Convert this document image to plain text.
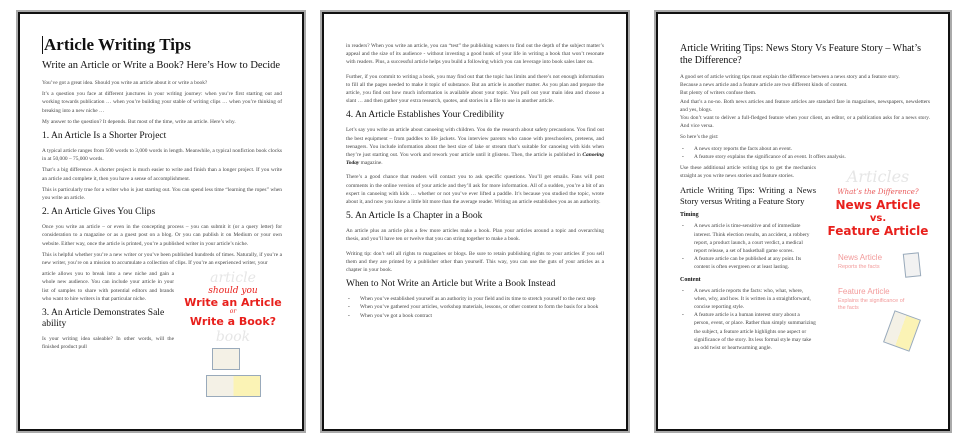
Article Writing Tips
Write an Article or Write a Book? Here’s How to Decide

You’ve got a great idea. Should you write an article about it or write a book?

It’s a question you face at different junctures in your writing journey: when you’re first starting out and working towards publication … when you’re building your stable of writing clips … when you’re thinking of breaking into a new niche …

My answer to the question? It depends. But most of the time, write an article. Here’s why.

1. An Article Is a Shorter Project

A typical article ranges from 500 words to 3,000 words in length. Meanwhile, a typical nonfiction book clocks in at 50,000 – 75,000 words.

That’s a big difference. A shorter project is much easier to write and finish than a longer project. If you write an article and complete it, then you have a sense of accomplishment.

This is particularly true for a writer who is just starting out. You can spend less time “learning the ropes” when you write an article.

2. An Article Gives You Clips

Once you write an article – or even in the concepting process – you can submit it (or a query letter) for consideration to a magazine or as a guest post on a blog. Or you can publish it on Medium or your own website. Either way, once the article is printed, you’re a published writer in your article’s niche.

This is helpful whether you’re a new writer or you’ve been published hundreds of times. Naturally, if you’re a new writer, you’re on a mission to accumulate a collection of clips. If you’re an experienced writer, your

article allows you to break into a new niche and gain a whole new audience. You can include your article in your list of samples to share with potential editors and brands who want to hire writers in that particular niche.

3. An Article Demonstrates Sale ability

Is your writing idea saleable? In other words, will the finished product pull

article
should you
Write an Article
or
Write a Book?
book

in readers? When you write an article, you can “test” the publishing waters to find out the depth of the subject matter’s appeal and the size of its audience - without investing a good hunk of your life in writing a book that won’t resonate with readers. Plus, a successful article helps you build a following which you can leverage into book sales later on.

Further, if you commit to writing a book, you may find out that the topic has limits and there’s not enough information to fill all the pages needed to make it topic of substance. But an article is another matter. As you plan and prepare the article, you find out how much information is available about your topic. You pull out your main idea and choose a slant … and then gather your extra research, quotes, and stories in a file to use in another article.

4. An Article Establishes Your Credibility

Let’s say you write an article about canoeing with children. You do the research about safety precautions. You find out the best equipment – from paddles to life jackets. You interview parents who canoe with preschoolers, preteens, and teenagers. You include information about the best size of lake or stream that’s suitable for canoeing with kids when they’re just starting out. You work and rework your article until it glistens. Then, the article is published in Canoeing Today magazine.

There’s a good chance that readers will contact you to ask specific questions. You’ll get emails. Fans will post comments in the online version of your article and they’ll ask for more information. All of a sudden, you’re a bit of an expert in canoeing with kids … whether or not you’ve ever lifted a paddle. It’s because you studied the topic, wrote about it, and now you know a little bit more than the average reader. Writing an article establishes you as an authority.

5. An Article Is a Chapter in a Book

An article plus an article plus a few more articles make a book. Plan your articles around a topic and overarching thesis, and you’ll have ten or twelve that you can string together to make a book.

Writing tip: don’t sell all rights to magazines or blogs. Be sure to retain publishing rights to your articles if you sell them and they are printed by a publisher other than yourself. This way, you can use the guts of your articles as a chapter in your book.

When to Not Write an Article but Write a Book Instead
- When you’ve established yourself as an authority in your field and its time to stretch yourself to the next step
- When you’ve gathered your articles, workshop materials, lessons, or other content to form the basis for a book
- When you’ve got a book contract
Article Writing Tips: News Story Vs Feature Story – What’s the Difference?

A good set of article writing tips must explain the difference between a news story and a feature story.

Because a news article and a feature article are two different kinds of content.

But plenty of writers confuse them.

And that’s a no-no. Both news articles and feature articles are standard fare in magazines, newspapers, newsletters and yes, blogs.

You don’t want to deliver a full-fledged feature when your client, an editor, or a publication asks for a news story. And vice versa.

So here’s the gist:

- A news story reports the facts about an event.
- A feature story explains the significance of an event. It offers analysis.

Use these additional article writing tips to get the mechanics straight as you write news stories and feature stories.

Article Writing Tips: Writing a News Story versus Writing a Feature Story
Timing
- A news article is time-sensitive and of immediate interest. Think election results, an accident, a robbery report, a product launch, a court verdict, a medical report release, a set of basketball game scores.
- A feature article can be published at any point. Its content is often evergreen or at least lasting.
Content
- A news article reports the facts: who, what, where, when, why, and how. It is written in a straightforward, concise reporting style.
- A feature article is a human interest story about a person, event, or place. Rather than simply summarizing the subject, a feature article highlights one aspect or significance of the story. Its less formal style may take an odd twist or heartwarming angle.
Articles
What’s the Difference?
News Article
vs.
Feature Article
News Article
Reports the facts
Feature Article
Explains the significance of the facts
